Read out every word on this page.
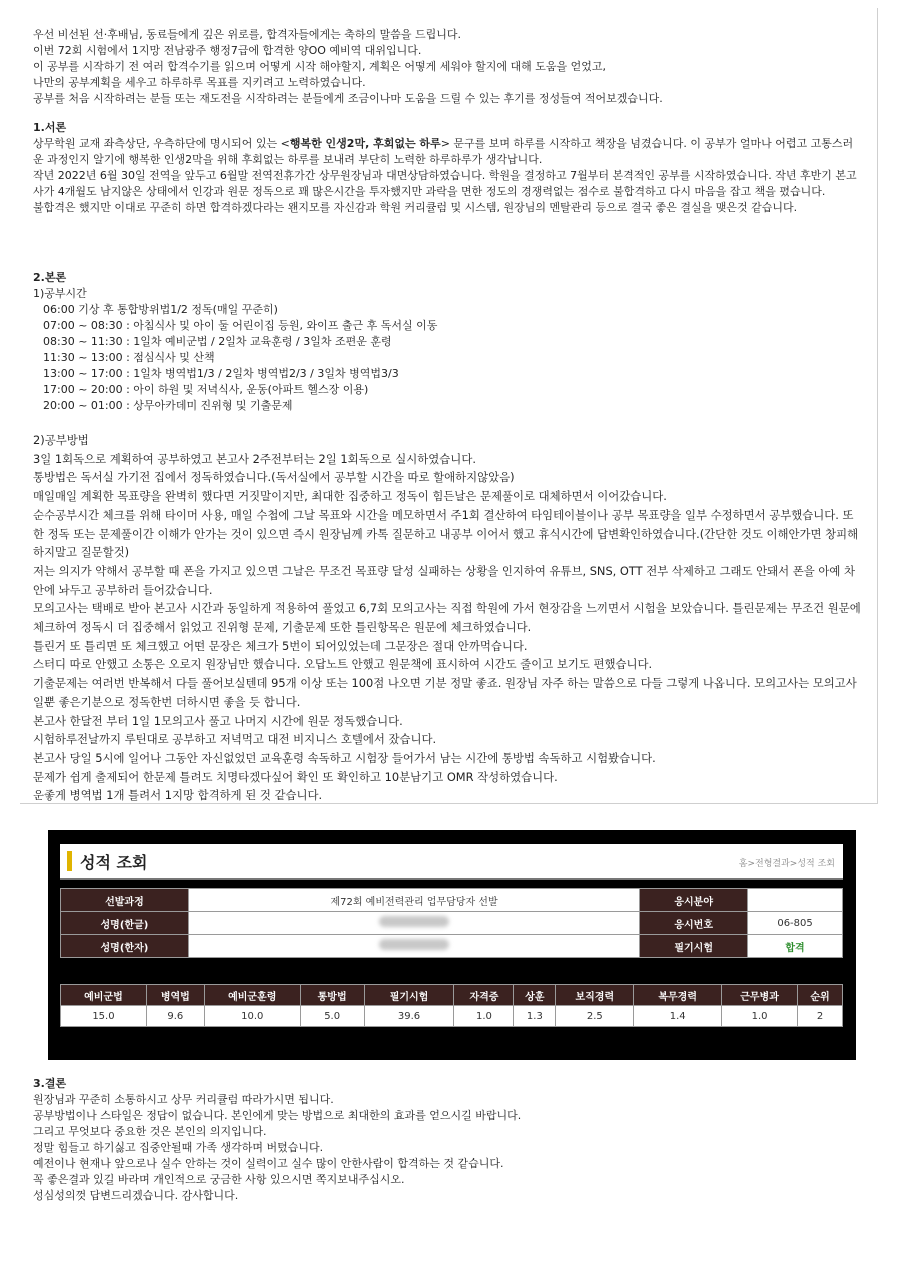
우선 비선된 선·후배님, 동료들에게 깊은 위로를, 합격자들에게는 축하의 말씀을 드립니다.

이번 72회 시험에서 1지망 전남광주 행정7급에 합격한 양OO 예비역 대위입니다.

이 공부를 시작하기 전 여러 합격수기를 읽으며 어떻게 시작 해야할지, 계획은 어떻게 세워야 할지에 대해 도움을 얻었고,

나만의 공부계획을 세우고 하루하루 목표를 지키려고 노력하였습니다.

공부를 처음 시작하려는 분들 또는 재도전을 시작하려는 분들에게 조금이나마 도움을 드릴 수 있는 후기를 정성들여 적어보겠습니다.

1.서론

상무학원 교재 좌측상단, 우측하단에 명시되어 있는 <행복한 인생2막, 후회없는 하루> 문구를 보며 하루를 시작하고 책장을 넘겼습니다. 이 공부가 얼마나 어렵고 고통스러운 과정인지 알기에 행복한 인생2막을 위해 후회없는 하루를 보내려 부단히 노력한 하루하루가 생각납니다.

작년 2022년 6월 30일 전역을 앞두고 6월말 전역전휴가간 상무원장님과 대면상담하였습니다. 학원을 결정하고 7월부터 본격적인 공부를 시작하였습니다. 작년 후반기 본고사가 4개월도 남지않은 상태에서 인강과 원문 정독으로 꽤 많은시간을 투자했지만 과락을 면한 정도의 경쟁력없는 점수로 불합격하고 다시 마음을 잡고 책을 폈습니다.

불합격은 했지만 이대로 꾸준히 하면 합격하겠다라는 왠지모를 자신감과 학원 커리큘럼 및 시스템, 원장님의 멘탈관리 등으로 결국 좋은 결실을 맺은것 같습니다.

2.본론

1)공부시간

06:00 기상 후 통합방위법1/2 정독(매일 꾸준히)

07:00 ~ 08:30 : 아침식사 및 아이 둘 어린이집 등원, 와이프 출근 후 독서실 이동

08:30 ~ 11:30 : 1일차 예비군법 / 2일차 교육훈령 / 3일차 조편운 훈령

11:30 ~ 13:00 : 점심식사 및 산책

13:00 ~ 17:00 : 1일차 병역법1/3 / 2일차 병역법2/3 / 3일차 병역법3/3

17:00 ~ 20:00 : 아이 하원 및 저녁식사, 운동(아파트 헬스장 이용)

20:00 ~ 01:00 : 상무아카데미 진위형 및 기출문제

2)공부방법

3일 1회독으로 계획하여 공부하였고 본고사 2주전부터는 2일 1회독으로 실시하였습니다.

통방법은 독서실 가기전 집에서 정독하였습니다.(독서실에서 공부할 시간을 따로 할애하지않았음)

매일매일 계획한 목표량을 완벽히 했다면 거짓말이지만, 최대한 집중하고 정독이 힘든날은 문제풀이로 대체하면서 이어갔습니다.

순수공부시간 체크를 위해 타이머 사용, 매일 수첩에 그날 목표와 시간을 메모하면서 주1회 결산하여 타임테이블이나 공부 목표량을 일부 수정하면서 공부했습니다. 또한 정독 또는 문제풀이간 이해가 안가는 것이 있으면 즉시 원장님께 카톡 질문하고 내공부 이어서 했고 휴식시간에 답변확인하였습니다.(간단한 것도 이해안가면 창피해하지말고 질문할것)

저는 의지가 약해서 공부할 때 폰을 가지고 있으면 그날은 무조건 목표량 달성 실패하는 상황을 인지하여 유튜브, SNS, OTT 전부 삭제하고 그래도 안돼서 폰을 아예 차안에 놔두고 공부하러 들어갔습니다.

모의고사는 택배로 받아 본고사 시간과 동일하게 적용하여 풀었고 6,7회 모의고사는 직접 학원에 가서 현장감을 느끼면서 시험을 보았습니다. 틀린문제는 무조건 원문에 체크하여 정독시 더 집중해서 읽었고 진위형 문제, 기출문제 또한 틀린항목은 원문에 체크하였습니다.

틀린거 또 틀리면 또 체크했고 어떤 문장은 체크가 5번이 되어있었는데 그문장은 절대 안까먹습니다.

스터디 따로 안했고 소통은 오로지 원장님만 했습니다. 오답노트 안했고 원문책에 표시하여 시간도 줄이고 보기도 편했습니다.

기출문제는 여러번 반복해서 다들 풀어보실텐데 95개 이상 또는 100점 나오면 기분 정말 좋죠. 원장님 자주 하는 말씀으로 다들 그렇게 나옵니다. 모의고사는 모의고사일뿐 좋은기분으로 정독한번 더하시면 좋을 듯 합니다.

본고사 한달전 부터 1일 1모의고사 풀고 나머지 시간에 원문 정독했습니다.

시험하루전날까지 루틴대로 공부하고 저녁먹고 대전 비지니스 호텔에서 잤습니다.

본고사 당일 5시에 일어나 그동안 자신없었던 교육훈령 속독하고 시험장 들어가서 남는 시간에 통방법 속독하고 시험봤습니다.

문제가 쉽게 출제되어 한문제 틀려도 치명타겠다싶어 확인 또 확인하고 10분남기고 OMR 작성하였습니다.

운좋게 병역법 1개 틀려서 1지망 합격하게 된 것 같습니다.

성적 조회	홈>전형결과>성적 조회
선발과정	제72회 예비전력관리 업무담당자 선발	응시분야	
성명(한글)		응시번호	06-805
성명(한자)		필기시험	합격
예비군법	병역법	예비군훈령	통방법	필기시험	자격증	상훈	보직경력	복무경력	근무병과	순위
15.0	9.6	10.0	5.0	39.6	1.0	1.3	2.5	1.4	1.0	2

3.결론

원장님과 꾸준히 소통하시고 상무 커리큘럼 따라가시면 됩니다.

공부방법이나 스타일은 정답이 없습니다. 본인에게 맞는 방법으로 최대한의 효과를 얻으시길 바랍니다.

그리고 무엇보다 중요한 것은 본인의 의지입니다.

정말 힘들고 하기싫고 집중안될때 가족 생각하며 버텼습니다.

예전이나 현재나 앞으로나 실수 안하는 것이 실력이고 실수 많이 안한사람이 합격하는 것 같습니다.

꼭 좋은결과 있길 바라며 개인적으로 궁금한 사항 있으시면 쪽지보내주십시오.

성심성의껏 답변드리겠습니다. 감사합니다.
